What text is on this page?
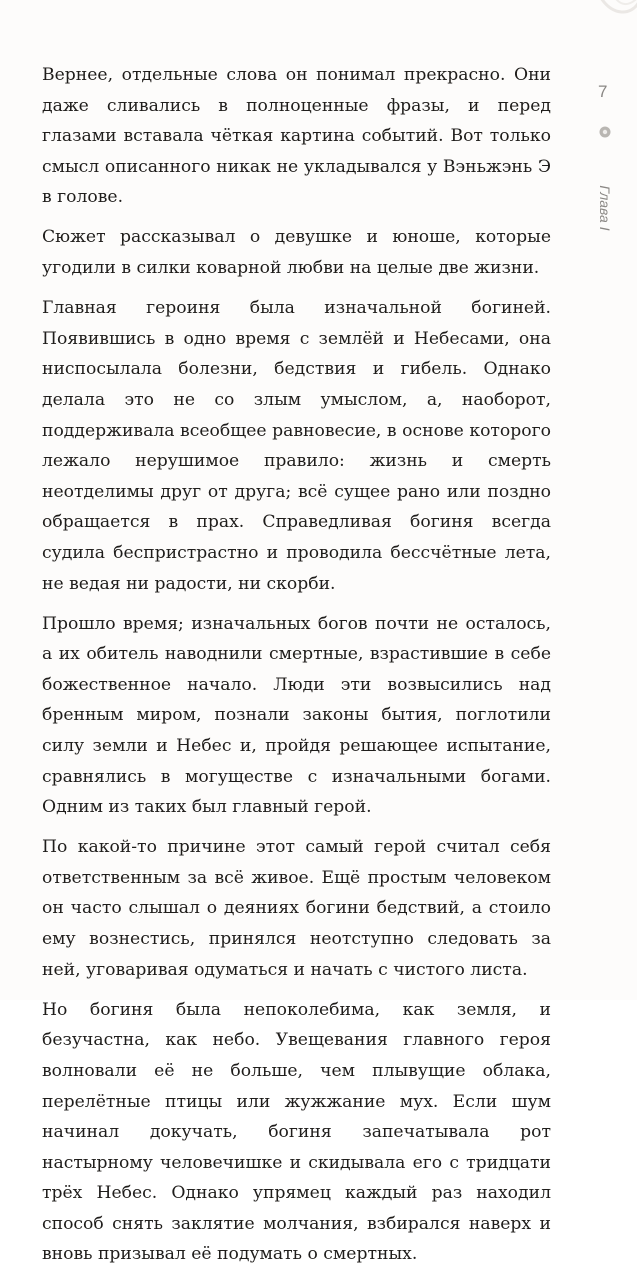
Вернее, отдельные слова он понимал прекрасно. Они даже сливались в полноценные фразы, и перед глазами вставала чёткая картина событий. Вот только смысл описанного никак не укладывался у Вэньжэнь Э в голове.

Сюжет рассказывал о девушке и юноше, которые угодили в силки коварной любви на целые две жизни.

Главная героиня была изначальной богиней. Появившись в одно время с землёй и Небесами, она ниспосылала болезни, бедствия и гибель. Однако делала это не со злым умыслом, а, наоборот, поддерживала всеобщее равновесие, в основе которого лежало нерушимое правило: жизнь и смерть неотделимы друг от друга; всё сущее рано или поздно обращается в прах. Справедливая богиня всегда судила беспристрастно и проводила бессчётные лета, не ведая ни радости, ни скорби.

Прошло время; изначальных богов почти не осталось, а их обитель наводнили смертные, взрастившие в себе божественное начало. Люди эти возвысились над бренным миром, познали законы бытия, поглотили силу земли и Небес и, пройдя решающее испытание, сравнялись в могуществе с изначальными богами. Одним из таких был главный герой.

По какой-то причине этот самый герой считал себя ответственным за всё живое. Ещё простым человеком он часто слышал о деяниях богини бедствий, а стоило ему вознестись, принялся неотступно следовать за ней, уговаривая одуматься и начать с чистого листа.

Но богиня была непоколебима, как земля, и безучастна, как небо. Увещевания главного героя волновали её не больше, чем плывущие облака, перелётные птицы или жужжание мух. Если шум начинал докучать, богиня запечатывала рот настырному человечишке и скидывала его с тридцати трёх Небес. Однако упрямец каждый раз находил способ снять заклятие молчания, взбирался наверх и вновь призывал её подумать о смертных.

7
Глава I
